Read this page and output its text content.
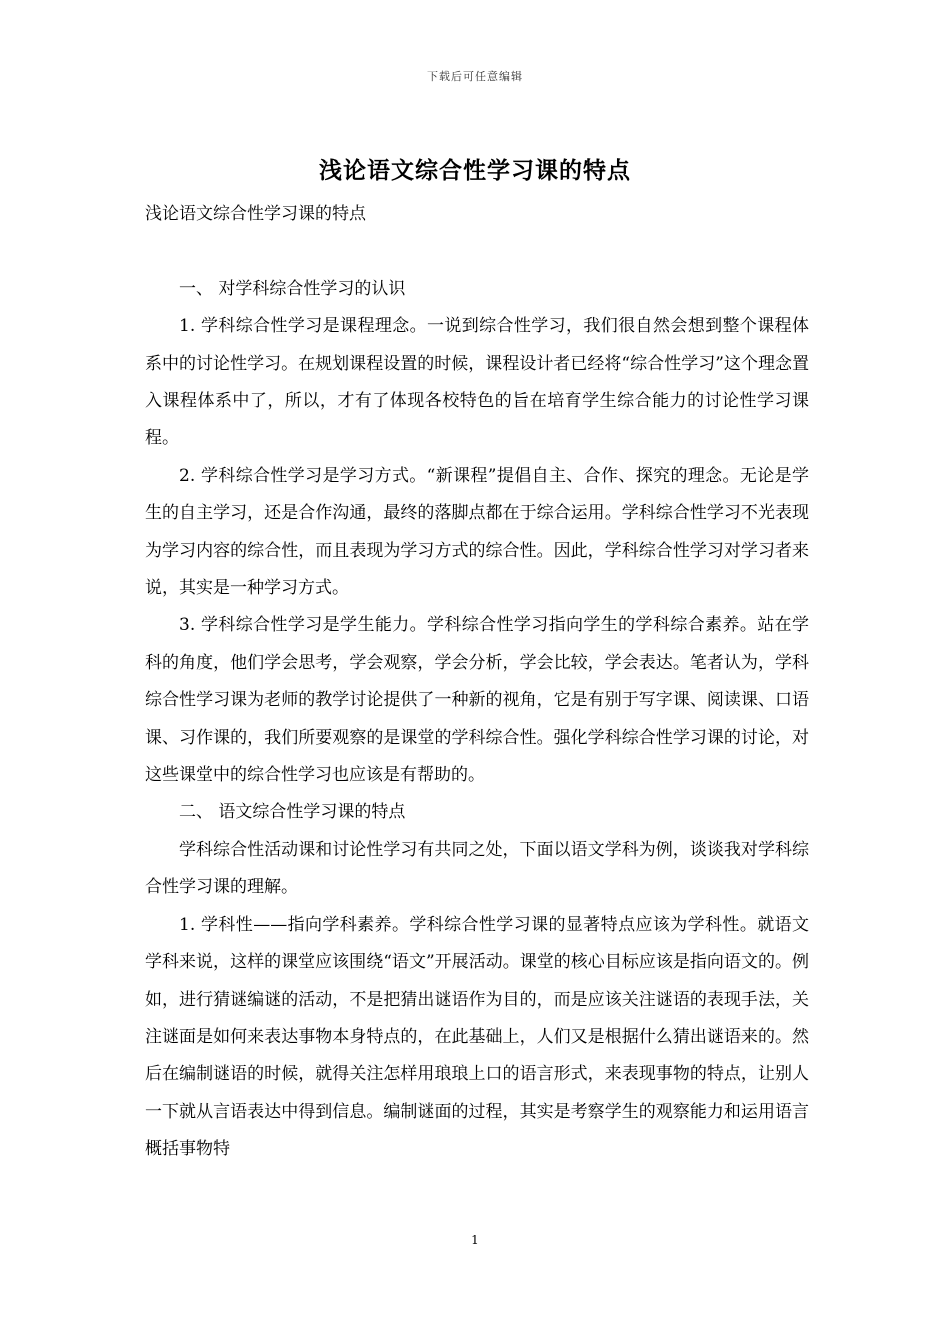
下载后可任意编辑
浅论语文综合性学习课的特点

浅论语文综合性学习课的特点

一、 对学科综合性学习的认识

1. 学科综合性学习是课程理念。一说到综合性学习，我们很自然会想到整个课程体系中的讨论性学习。在规划课程设置的时候，课程设计者已经将“综合性学习”这个理念置入课程体系中了，所以，才有了体现各校特色的旨在培育学生综合能力的讨论性学习课程。

2. 学科综合性学习是学习方式。“新课程”提倡自主、合作、探究的理念。无论是学生的自主学习，还是合作沟通，最终的落脚点都在于综合运用。学科综合性学习不光表现为学习内容的综合性，而且表现为学习方式的综合性。因此，学科综合性学习对学习者来说，其实是一种学习方式。

3. 学科综合性学习是学生能力。学科综合性学习指向学生的学科综合素养。站在学科的角度，他们学会思考，学会观察，学会分析，学会比较，学会表达。笔者认为，学科综合性学习课为老师的教学讨论提供了一种新的视角，它是有别于写字课、阅读课、口语课、习作课的，我们所要观察的是课堂的学科综合性。强化学科综合性学习课的讨论，对这些课堂中的综合性学习也应该是有帮助的。

二、 语文综合性学习课的特点

学科综合性活动课和讨论性学习有共同之处，下面以语文学科为例，谈谈我对学科综合性学习课的理解。

1. 学科性——指向学科素养。学科综合性学习课的显著特点应该为学科性。就语文学科来说，这样的课堂应该围绕“语文”开展活动。课堂的核心目标应该是指向语文的。例如，进行猜谜编谜的活动，不是把猜出谜语作为目的，而是应该关注谜语的表现手法，关注谜面是如何来表达事物本身特点的，在此基础上，人们又是根据什么猜出谜语来的。然后在编制谜语的时候，就得关注怎样用琅琅上口的语言形式，来表现事物的特点，让别人一下就从言语表达中得到信息。编制谜面的过程，其实是考察学生的观察能力和运用语言概括事物特

1
